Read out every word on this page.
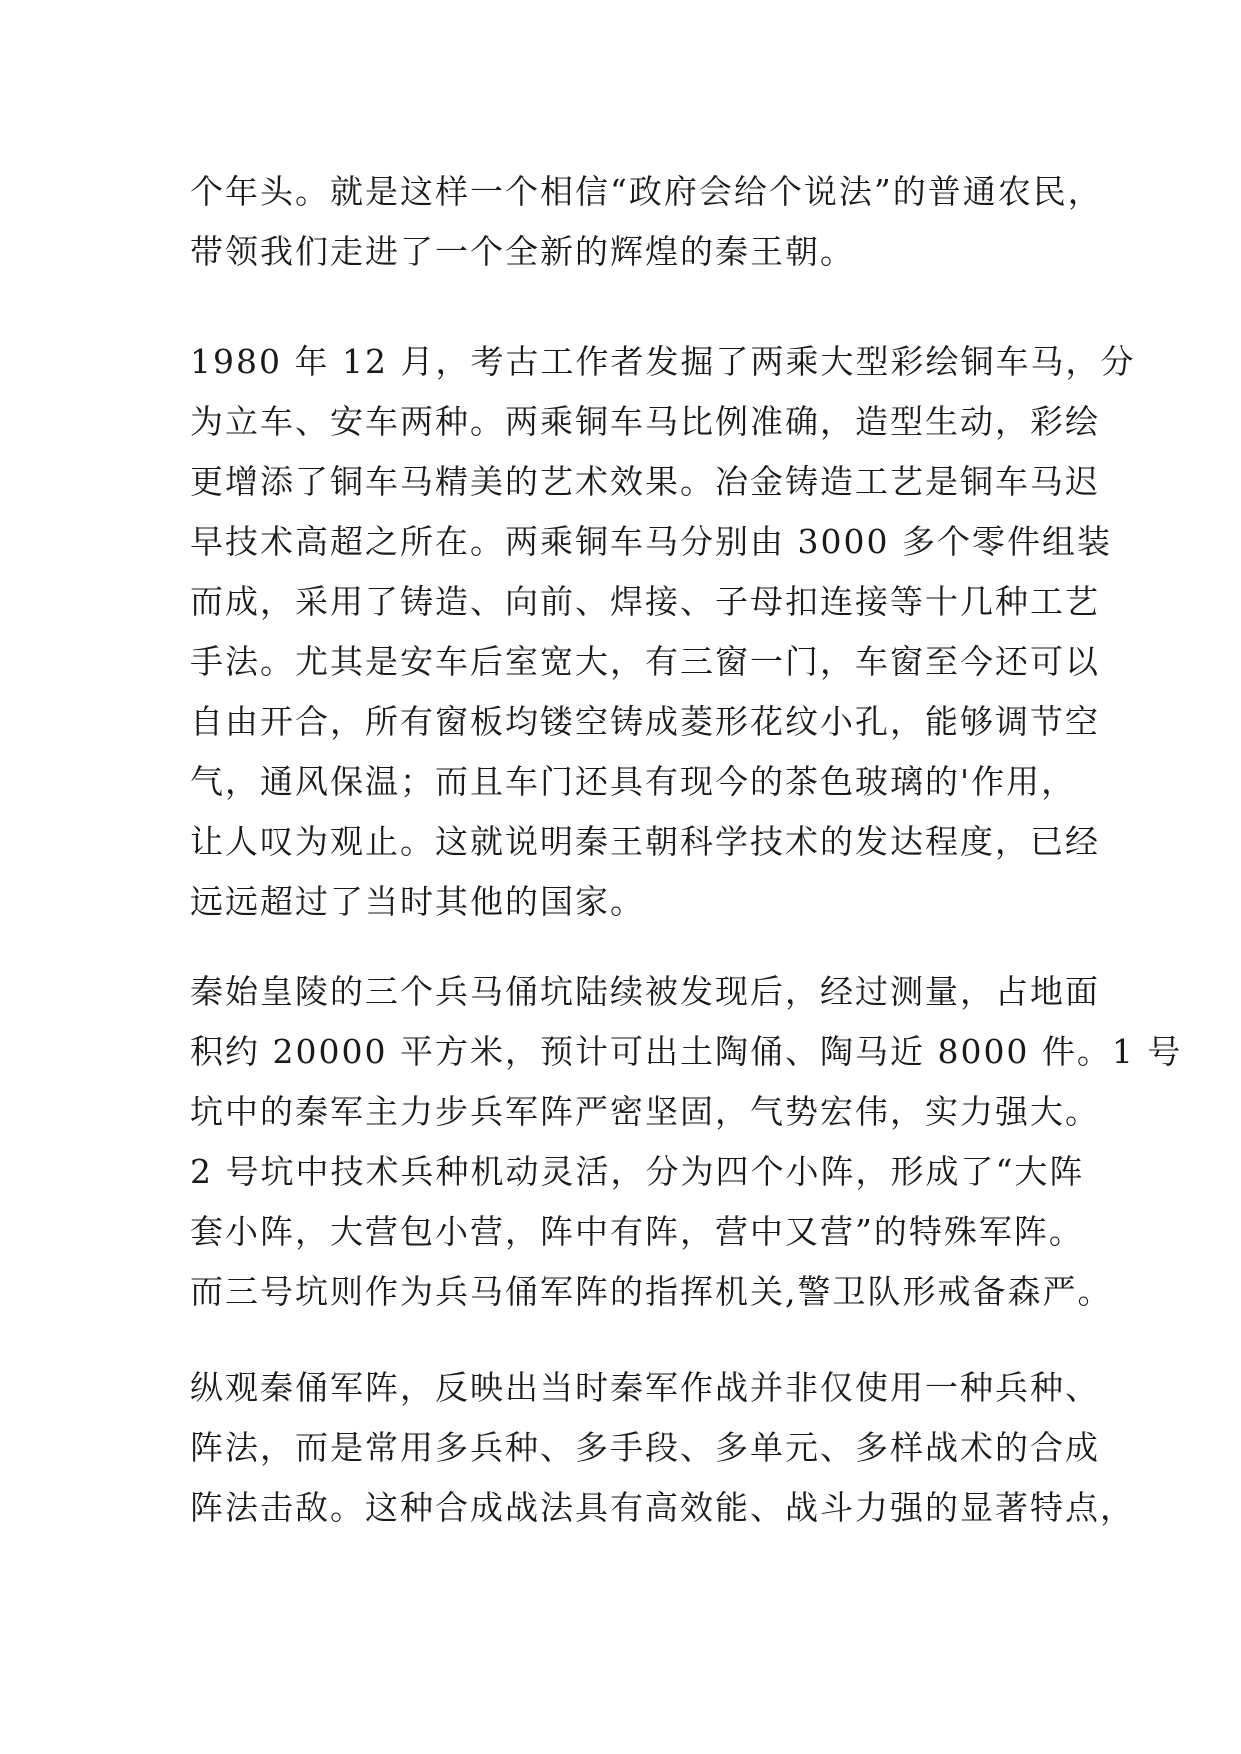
个年头。就是这样一个相信“政府会给个说法”的普通农民，
带领我们走进了一个全新的辉煌的秦王朝。
1980 年 12 月，考古工作者发掘了两乘大型彩绘铜车马，分
为立车、安车两种。两乘铜车马比例准确，造型生动，彩绘
更增添了铜车马精美的艺术效果。冶金铸造工艺是铜车马迟
早技术高超之所在。两乘铜车马分别由 3000 多个零件组装
而成，采用了铸造、向前、焊接、子母扣连接等十几种工艺
手法。尤其是安车后室宽大，有三窗一门，车窗至今还可以
自由开合，所有窗板均镂空铸成菱形花纹小孔，能够调节空
气，通风保温；而且车门还具有现今的茶色玻璃的'作用，
让人叹为观止。这就说明秦王朝科学技术的发达程度，已经
远远超过了当时其他的国家。
秦始皇陵的三个兵马俑坑陆续被发现后，经过测量，占地面
积约 20000 平方米，预计可出土陶俑、陶马近 8000 件。1 号
坑中的秦军主力步兵军阵严密坚固，气势宏伟，实力强大。
2 号坑中技术兵种机动灵活，分为四个小阵，形成了“大阵
套小阵，大营包小营，阵中有阵，营中又营”的特殊军阵。
而三号坑则作为兵马俑军阵的指挥机关,警卫队形戒备森严。
纵观秦俑军阵，反映出当时秦军作战并非仅使用一种兵种、
阵法，而是常用多兵种、多手段、多单元、多样战术的合成
阵法击敌。这种合成战法具有高效能、战斗力强的显著特点，
